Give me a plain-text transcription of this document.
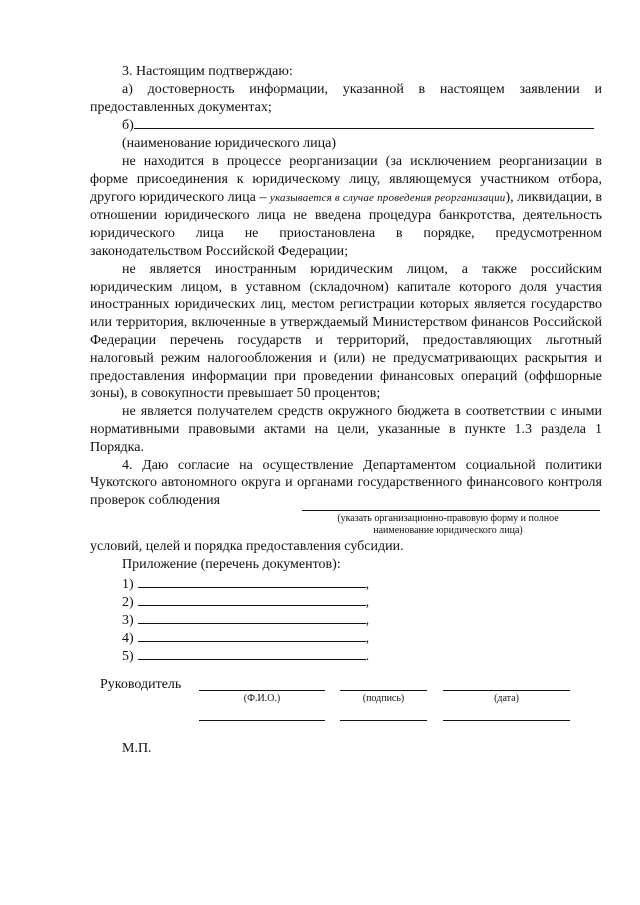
3. Настоящим подтверждаю:

а) достоверность информации, указанной в настоящем заявлении и предоставленных документах;

б)

(наименование юридического лица)

не находится в процессе реорганизации (за исключением реорганизации в форме присоединения к юридическому лицу, являющемуся участником отбора, другого юридического лица – указывается в случае проведения реорганизации), ликвидации, в отношении юридического лица не введена процедура банкротства, деятельность юридического лица не приостановлена в порядке, предусмотренном законодательством Российской Федерации;

не является иностранным юридическим лицом, а также российским юридическим лицом, в уставном (складочном) капитале которого доля участия иностранных юридических лиц, местом регистрации которых является государство или территория, включенные в утверждаемый Министерством финансов Российской Федерации перечень государств и территорий, предоставляющих льготный налоговый режим налогообложения и (или) не предусматривающих раскрытия и предоставления информации при проведении финансовых операций (оффшорные зоны), в совокупности превышает 50 процентов;

не является получателем средств окружного бюджета в соответствии с иными нормативными правовыми актами на цели, указанные в пункте 1.3 раздела 1 Порядка.

4. Даю согласие на осуществление Департаментом социальной политики Чукотского автономного округа и органами государственного финансового контроля проверок соблюдения

(указать организационно-правовую форму и полное наименование юридического лица)
условий, целей и порядка предоставления субсидии.
Приложение (перечень документов):
1)	,
2)	,
3)	,
4)	,
5)	.
Руководитель
(Ф.И.О.)	(подпись)	(дата)
М.П.
